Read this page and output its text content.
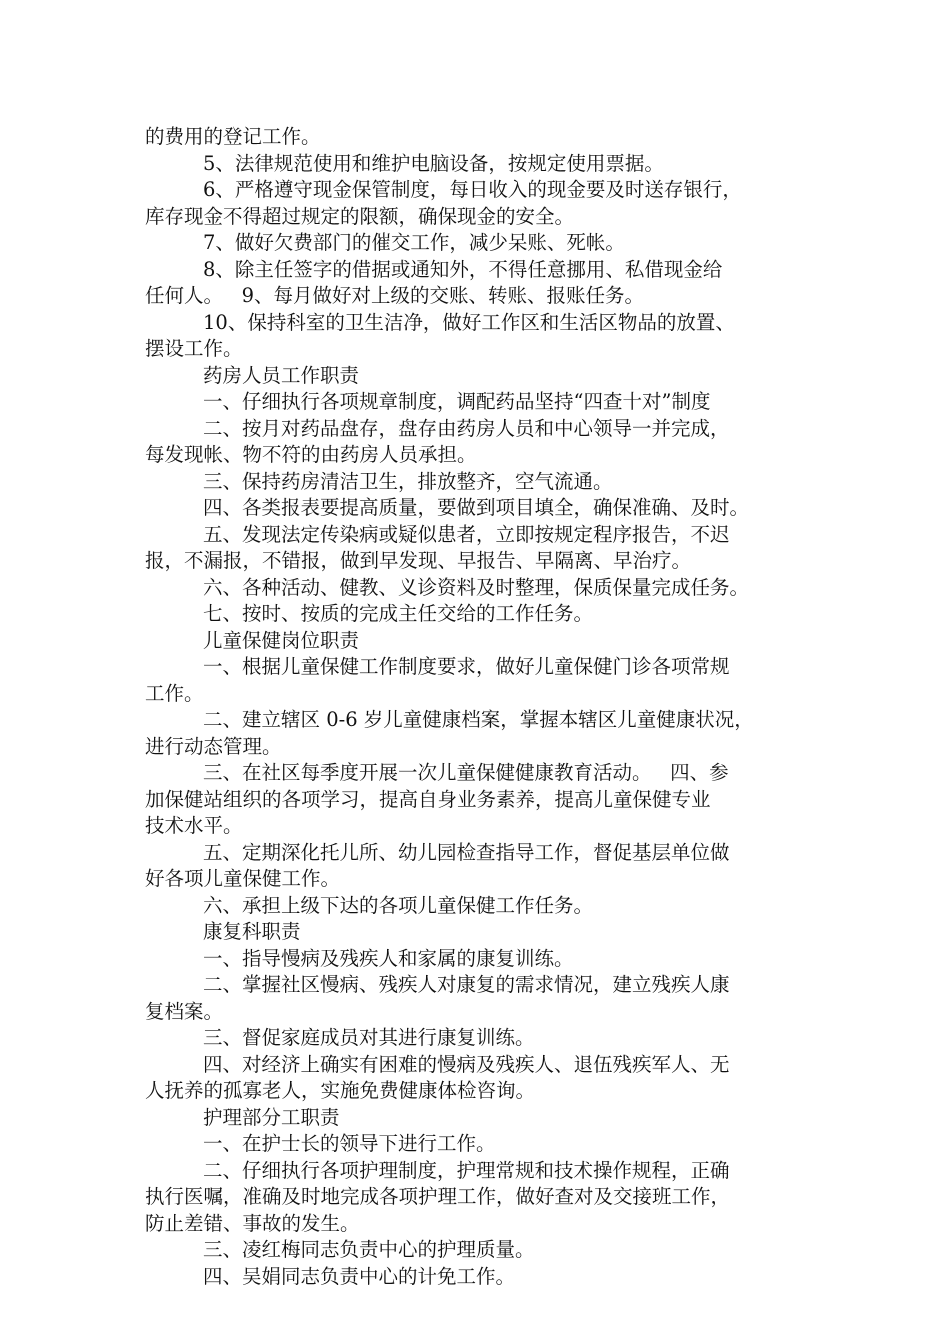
的费用的登记工作。
5、法律规范使用和维护电脑设备，按规定使用票据。
6、严格遵守现金保管制度，每日收入的现金要及时送存银行，
库存现金不得超过规定的限额，确保现金的安全。
7、做好欠费部门的催交工作，减少呆账、死帐。
8、除主任签字的借据或通知外，不得任意挪用、私借现金给
任何人。   9、每月做好对上级的交账、转账、报账任务。
10、保持科室的卫生洁净，做好工作区和生活区物品的放置、
摆设工作。
药房人员工作职责
一、仔细执行各项规章制度，调配药品坚持“四查十对”制度
二、按月对药品盘存，盘存由药房人员和中心领导一并完成，
每发现帐、物不符的由药房人员承担。
三、保持药房清洁卫生，排放整齐，空气流通。
四、各类报表要提高质量，要做到项目填全，确保准确、及时。
五、发现法定传染病或疑似患者，立即按规定程序报告，不迟
报，不漏报，不错报，做到早发现、早报告、早隔离、早治疗。
六、各种活动、健教、义诊资料及时整理，保质保量完成任务。
七、按时、按质的完成主任交给的工作任务。
儿童保健岗位职责
一、根据儿童保健工作制度要求，做好儿童保健门诊各项常规
工作。
二、建立辖区 0-6 岁儿童健康档案，掌握本辖区儿童健康状况，
进行动态管理。
三、在社区每季度开展一次儿童保健健康教育活动。   四、参
加保健站组织的各项学习，提高自身业务素养，提高儿童保健专业
技术水平。
五、定期深化托儿所、幼儿园检查指导工作，督促基层单位做
好各项儿童保健工作。
六、承担上级下达的各项儿童保健工作任务。
康复科职责
一、指导慢病及残疾人和家属的康复训练。
二、掌握社区慢病、残疾人对康复的需求情况，建立残疾人康
复档案。
三、督促家庭成员对其进行康复训练。
四、对经济上确实有困难的慢病及残疾人、退伍残疾军人、无
人抚养的孤寡老人，实施免费健康体检咨询。
护理部分工职责
一、在护士长的领导下进行工作。
二、仔细执行各项护理制度，护理常规和技术操作规程，正确
执行医嘱，准确及时地完成各项护理工作，做好查对及交接班工作，
防止差错、事故的发生。
三、凌红梅同志负责中心的护理质量。
四、吴娟同志负责中心的计免工作。
